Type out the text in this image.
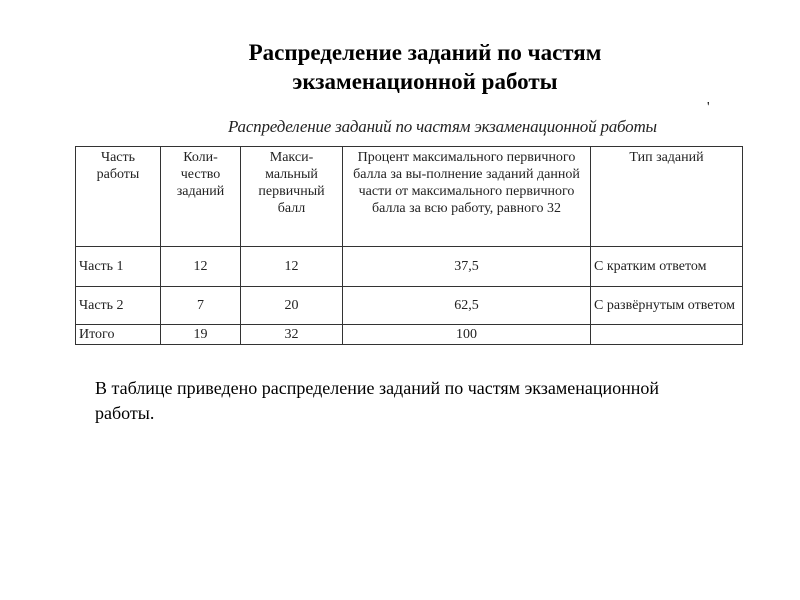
Распределение заданий по частям
экзаменационной работы
'
Распределение заданий по частям экзаменационной работы
Часть работы	Коли-чество заданий	Макси-мальный первичный балл	Процент максимального первичного балла за вы-полнение заданий данной части от максимального первичного балла за всю работу, равного 32	Тип заданий
Часть 1	12	12	37,5	С кратким ответом
Часть 2	7	20	62,5	С развёрнутым ответом
Итого	19	32	100	
В таблице приведено распределение заданий по частям экзаменационной работы.
